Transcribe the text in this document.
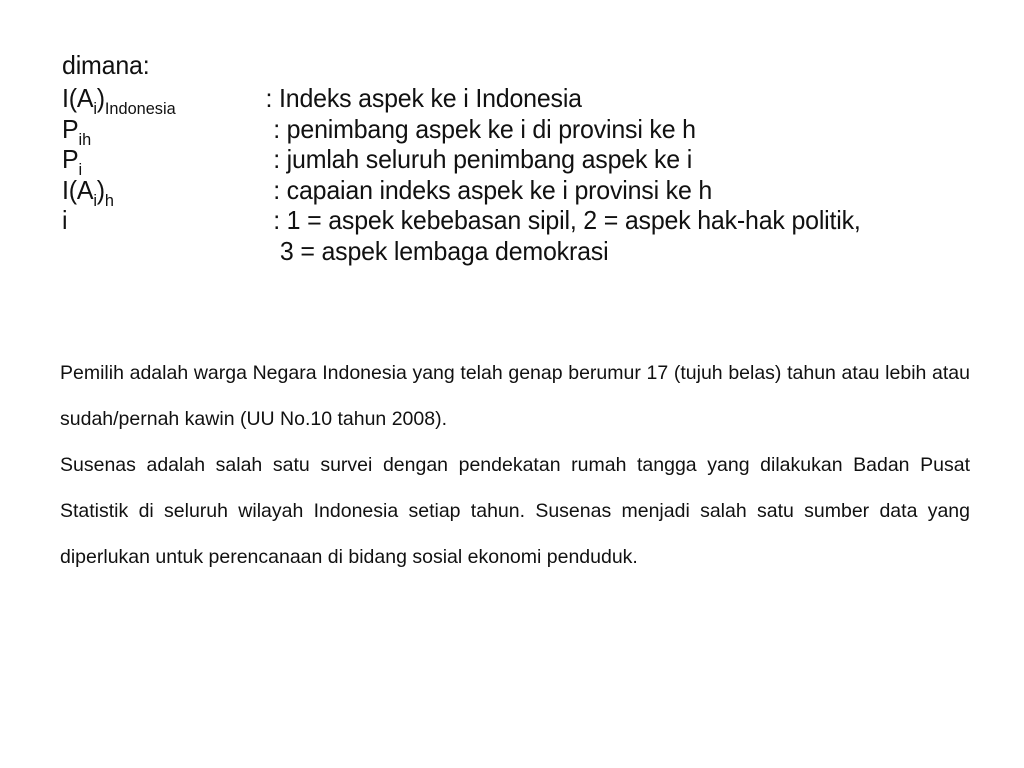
dimana:
$I(A_i)_{Indonesia}$	: Indeks aspek ke i Indonesia
$P_{ih}$	: penimbang aspek ke i di provinsi ke h
$P_i$	: jumlah seluruh penimbang aspek ke i
$I(A_i)_h$	: capaian indeks aspek ke i provinsi ke h
i	: 1 = aspek kebebasan sipil, 2 = aspek hak-hak politik,
3 = aspek lembaga demokrasi

Pemilih adalah warga Negara Indonesia yang telah genap berumur 17 (tujuh belas) tahun atau lebih atau sudah/pernah kawin (UU No.10 tahun 2008).

Susenas adalah salah satu survei dengan pendekatan rumah tangga yang dilakukan Badan Pusat Statistik di seluruh wilayah Indonesia setiap tahun. Susenas menjadi salah satu sumber data yang diperlukan untuk perencanaan di bidang sosial ekonomi penduduk.
